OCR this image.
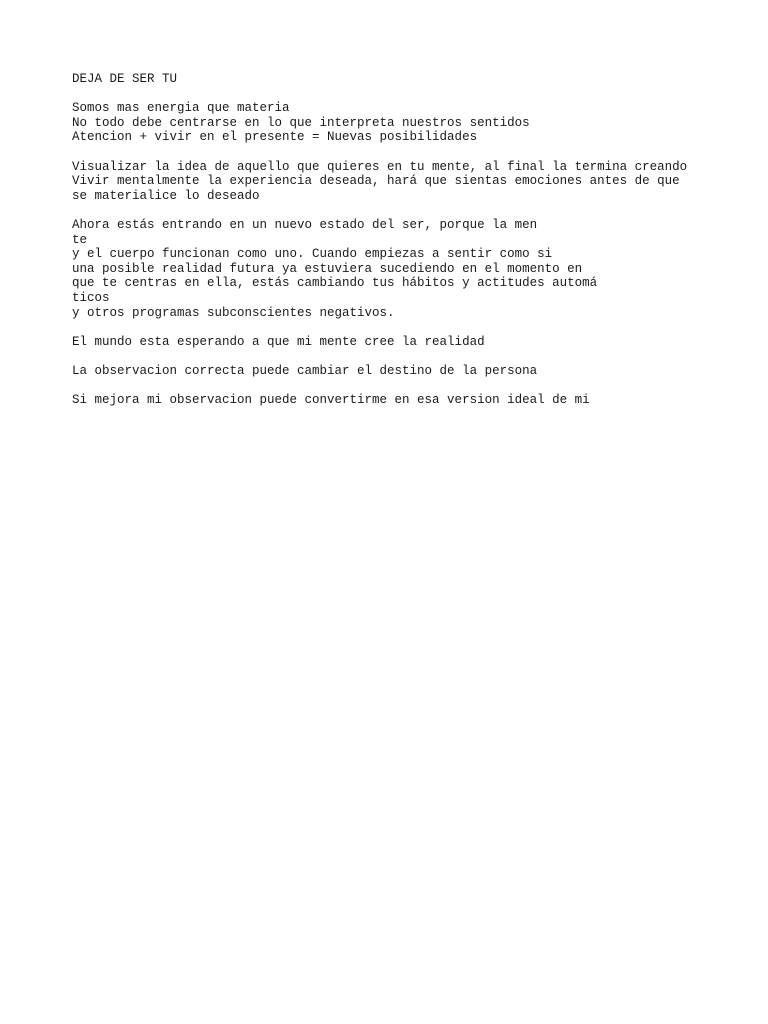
DEJA DE SER TU
Somos mas energia que materia
No todo debe centrarse en lo que interpreta nuestros sentidos
Atencion + vivir en el presente = Nuevas posibilidades
Visualizar la idea de aquello que quieres en tu mente, al final la termina creando
Vivir mentalmente la experiencia deseada, hará que sientas emociones antes de que
se materialice lo deseado
Ahora estás entrando en un nuevo estado del ser, porque la men
te
y el cuerpo funcionan como uno. Cuando empiezas a sentir como si
una posible realidad futura ya estuviera sucediendo en el momento en
que te centras en ella, estás cambiando tus hábitos y actitudes automá
ticos
y otros programas subconscientes negativos.
El mundo esta esperando a que mi mente cree la realidad
La observacion correcta puede cambiar el destino de la persona
Si mejora mi observacion puede convertirme en esa version ideal de mi
